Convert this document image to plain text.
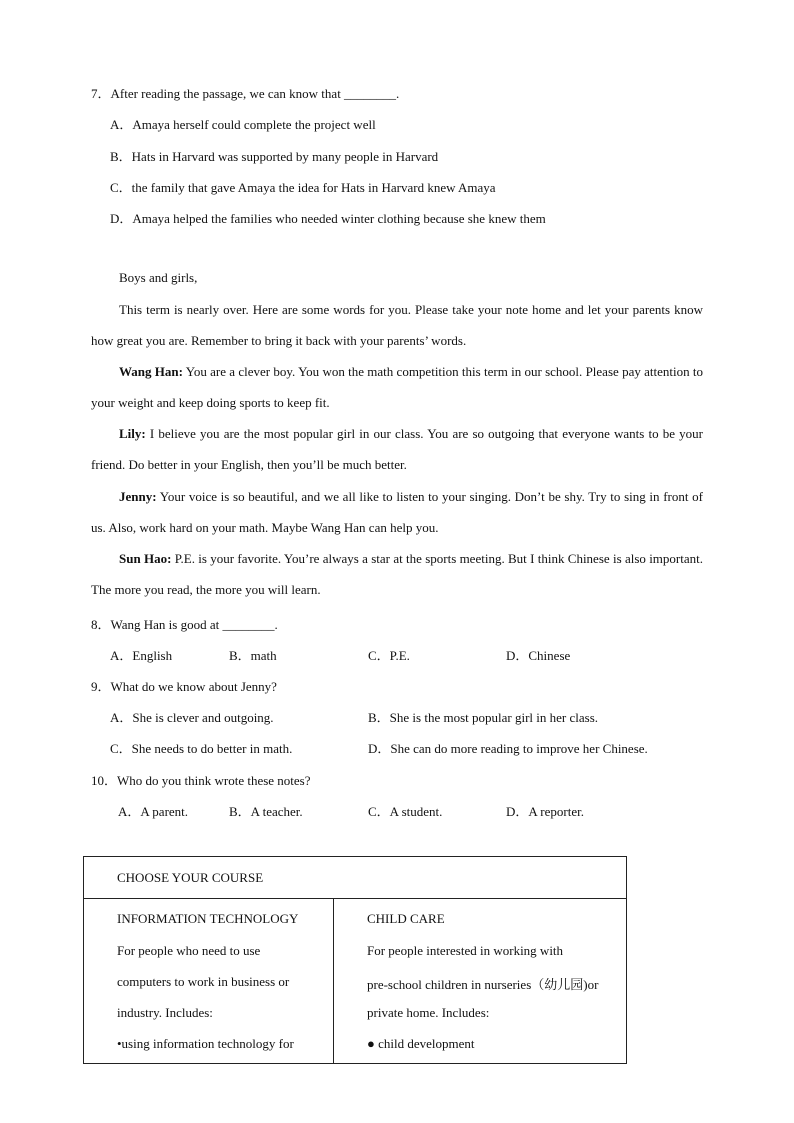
7．After reading the passage, we can know that ________.
A．Amaya herself could complete the project well
B．Hats in Harvard was supported by many people in Harvard
C．the family that gave Amaya the idea for Hats in Harvard knew Amaya
D．Amaya helped the families who needed winter clothing because she knew them
Boys and girls,
This term is nearly over. Here are some words for you. Please take your note home and let your parents know how great you are. Remember to bring it back with your parents’ words.
Wang Han: You are a clever boy. You won the math competition this term in our school. Please pay attention to your weight and keep doing sports to keep fit.
Lily: I believe you are the most popular girl in our class. You are so outgoing that everyone wants to be your friend. Do better in your English, then you’ll be much better.
Jenny: Your voice is so beautiful, and we all like to listen to your singing. Don’t be shy. Try to sing in front of us. Also, work hard on your math. Maybe Wang Han can help you.
Sun Hao: P.E. is your favorite. You’re always a star at the sports meeting. But I think Chinese is also important. The more you read, the more you will learn.
8．Wang Han is good at ________.
A．English	B．math	C．P.E.	D．Chinese
9．What do we know about Jenny?
A．She is clever and outgoing.	B．She is the most popular girl in her class.
C．She needs to do better in math.	D．She can do more reading to improve her Chinese.
10．Who do you think wrote these notes?
A．A parent.	B．A teacher.	C．A student.	D．A reporter.
CHOOSE YOUR COURSE
INFORMATION TECHNOLOGY
For people who need to use
computers to work in business or
industry. Includes:
•using information technology for
CHILD CARE
For people interested in working with
pre-school children in nurseries（幼儿园)or
private home. Includes:
● child development
